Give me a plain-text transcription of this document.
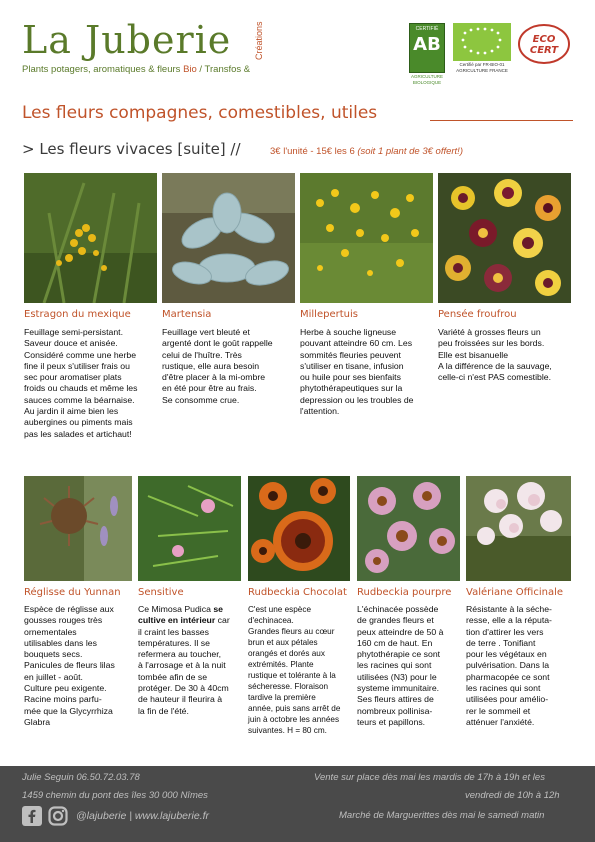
La Juberie	Créations
Plants potagers, aromatiques & fleurs Bio / Transfos &
CERTIFIÉ
AB
AGRICULTURE BIOLOGIQUE
Certifié par FR-BIO-01 AGRICULTURE FRANCE
ECO
CERT
Les fleurs compagnes, comestibles, utiles
> Les fleurs vivaces [suite] //	3€ l'unité - 15€ les 6 (soit 1 plant de 3€ offert!)
Estragon du mexique	Martensia	Millepertuis	Pensée froufrou
Feuillage semi-persistant.
Saveur douce et anisée.
Considéré comme une herbe
fine il peux s'utiliser frais ou
sec pour aromatiser plats
froids ou chauds et même les
sauces comme la béarnaise.
Au jardin il aime bien les
aubergines ou piments mais
pas les salades et artichaut!
Feuillage vert bleuté et
argenté dont le goût rappelle
celui de l'huître. Très
rustique, elle aura besoin
d'être placer à la mi-ombre
en été pour être au frais.
Se consomme crue.
Herbe à souche ligneuse
pouvant atteindre 60 cm. Les
sommités fleuries peuvent
s'utiliser en tisane, infusion
ou huile pour ses bienfaits
phytothérapeutiques sur la
depression ou les troubles de
l'attention.
Variété à grosses fleurs un
peu froissées sur les bords.
Elle est bisanuelle
A la différence de la sauvage,
celle-ci n'est PAS comestible.
Réglisse du Yunnan Sensitive	Rudbeckia Chocolat Rudbeckia pourpre Valériane Officinale
Espèce de réglisse aux
gousses rouges très
ornementales
utilisables dans les
bouquets secs.
Panicules de fleurs lilas
en juillet - août.
Culture peu exigente.
Racine moins parfu-
mée que la Glycyrrhiza
Glabra
Ce Mimosa Pudica se
cultive en intérieur car
il craint les basses
températures. Il se
refermera au toucher,
à l'arrosage et à la nuit
tombée afin de se
protéger. De 30 à 40cm
de hauteur il fleurira à
la fin de l'été.
C'est une espèce
d'echinacea.
Grandes fleurs au cœur
brun et aux pétales
orangés et dorés aux
extrémités. Plante
rustique et tolérante à la
sécheresse. Floraison
tardive la première
année, puis sans arrêt de
juin à octobre les années
suivantes. H = 80 cm.
L'échinacée possède
de grandes fleurs et
peux atteindre de 50 à
160 cm de haut. En
phytothérapie ce sont
les racines qui sont
utilisées (N3) pour le
systeme immunitaire.
Ses fleurs attires de
nombreux pollinisa-
teurs et papillons.
Résistante à la séche-
resse, elle a la réputa-
tion d'attirer les vers
de terre . Tonifiant
pour les végétaux en
pulvérisation. Dans la
pharmacopée ce sont
les racines qui sont
utilisées pour amélio-
rer le sommeil et
atténuer l'anxiété.
Julie Seguin 06.50.72.03.78
1459 chemin du pont des îles 30 000 Nîmes
@lajuberie | www.lajuberie.fr
Vente sur place dès mai les mardis de 17h à 19h et les
vendredi de 10h à 12h
Marché de Marguerittes dès mai le samedi matin
